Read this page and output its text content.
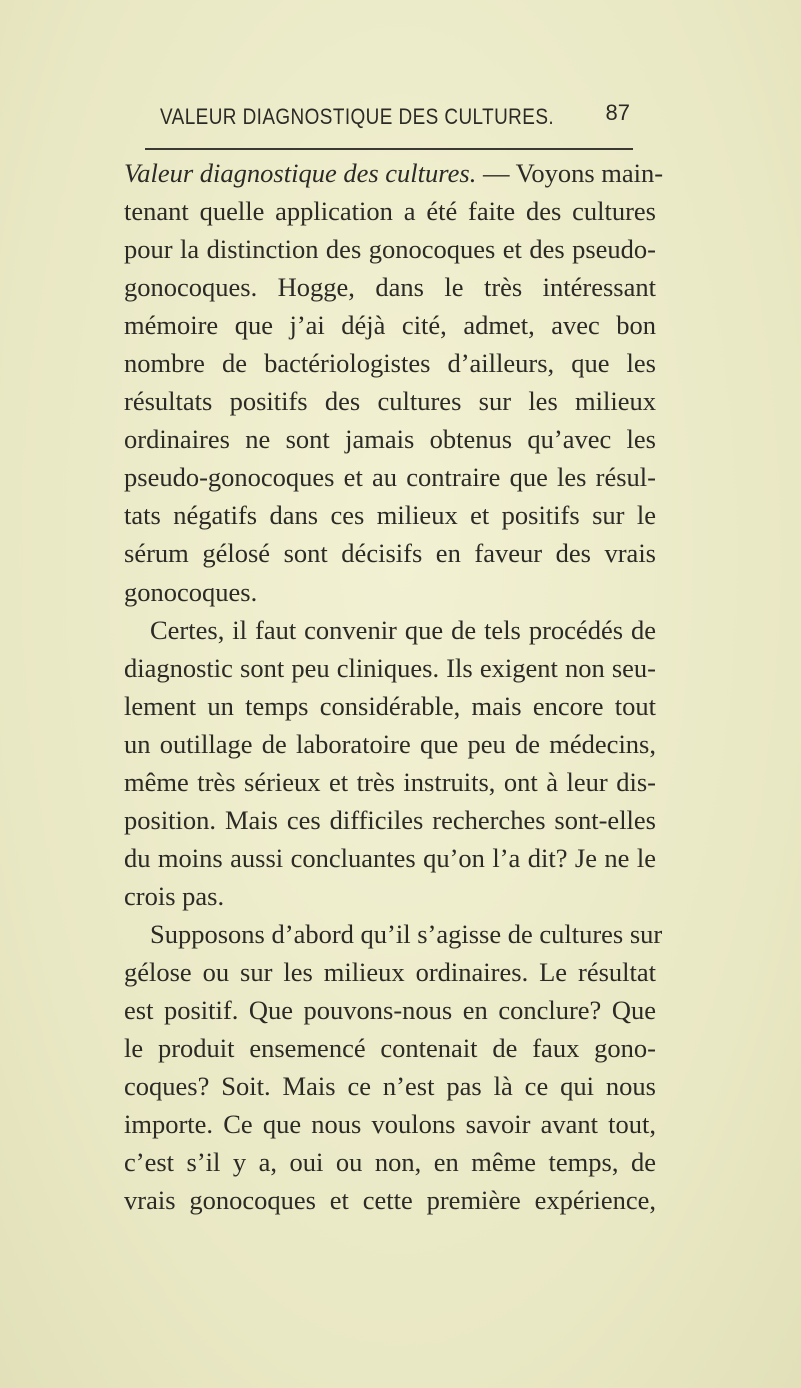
VALEUR DIAGNOSTIQUE DES CULTURES. 87
Valeur diagnostique des cultures. — Voyons main-
tenant quelle application a été faite des cultures
pour la distinction des gonocoques et des pseudo-
gonocoques. Hogge, dans le très intéressant
mémoire que j’ai déjà cité, admet, avec bon
nombre de bactériologistes d’ailleurs, que les
résultats positifs des cultures sur les milieux
ordinaires ne sont jamais obtenus qu’avec les
pseudo-gonocoques et au contraire que les résul-
tats négatifs dans ces milieux et positifs sur le
sérum gélosé sont décisifs en faveur des vrais
gonocoques.
Certes, il faut convenir que de tels procédés de
diagnostic sont peu cliniques. Ils exigent non seu-
lement un temps considérable, mais encore tout
un outillage de laboratoire que peu de médecins,
même très sérieux et très instruits, ont à leur dis-
position. Mais ces difficiles recherches sont-elles
du moins aussi concluantes qu’on l’a dit? Je ne le
crois pas.
Supposons d’abord qu’il s’agisse de cultures sur
gélose ou sur les milieux ordinaires. Le résultat
est positif. Que pouvons-nous en conclure? Que
le produit ensemencé contenait de faux gono-
coques? Soit. Mais ce n’est pas là ce qui nous
importe. Ce que nous voulons savoir avant tout,
c’est s’il y a, oui ou non, en même temps, de
vrais gonocoques et cette première expérience,
